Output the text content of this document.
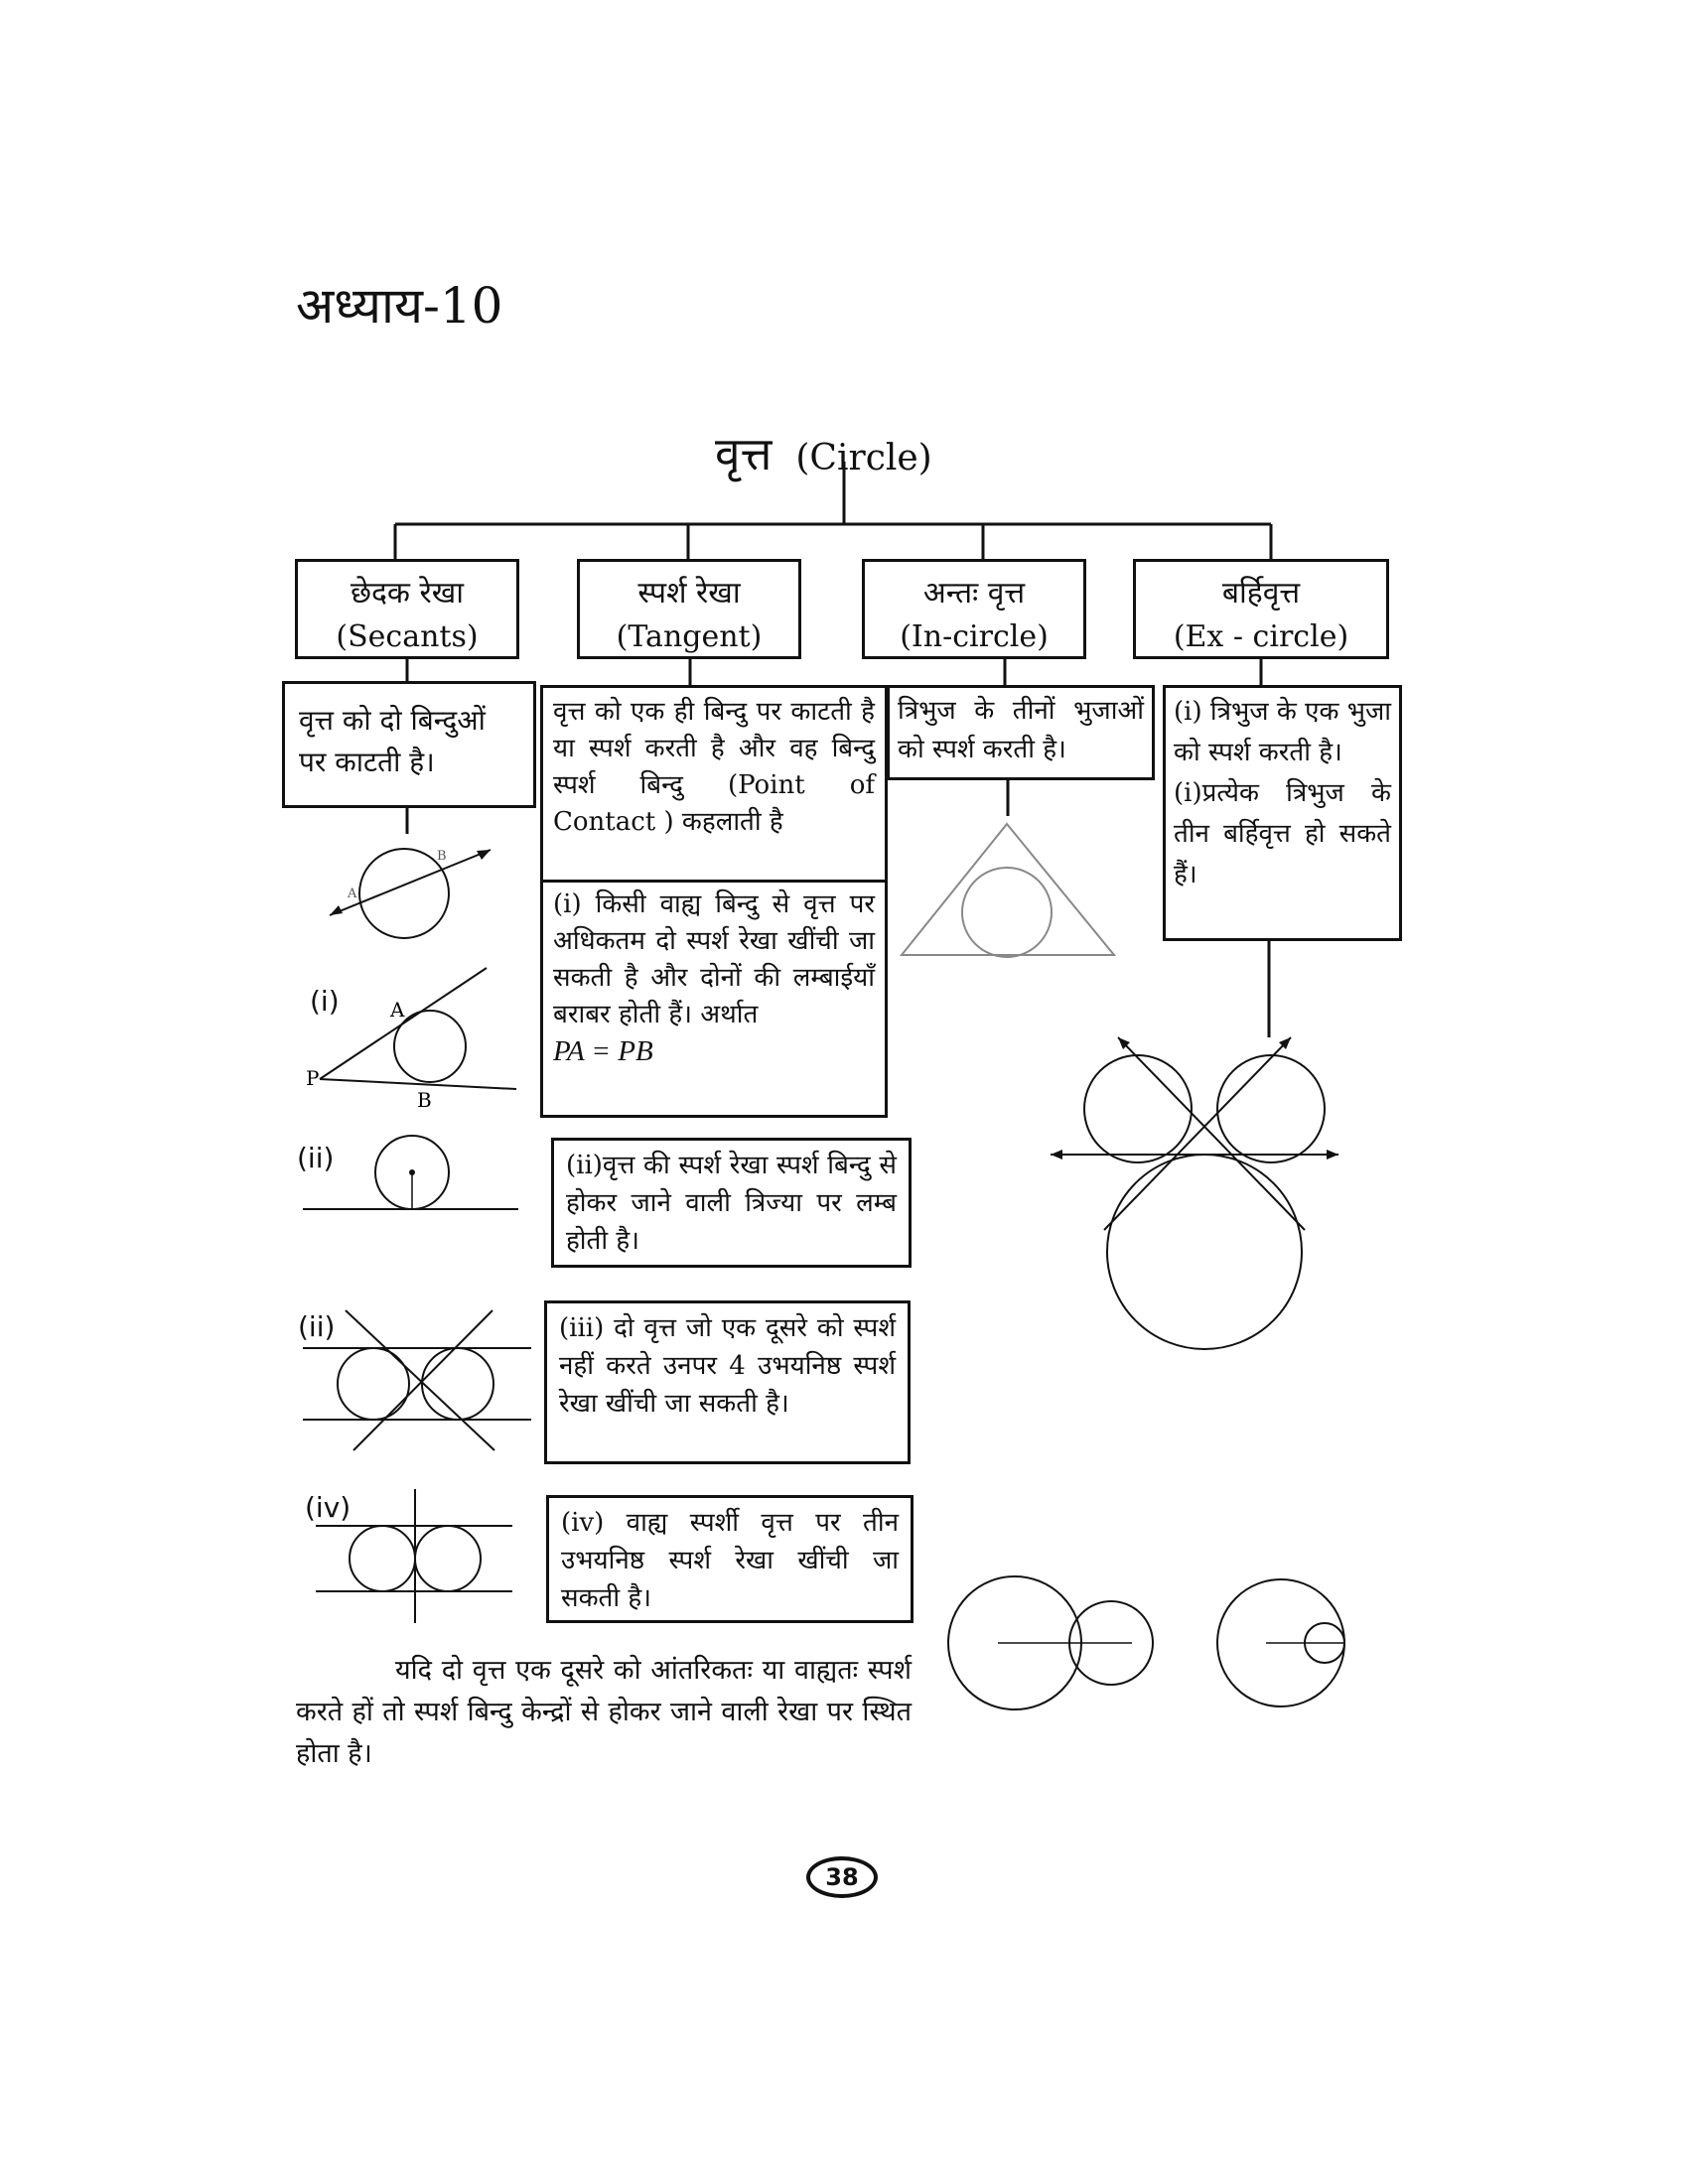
अध्याय-10
वृत्त (Circle)
छेदक रेखा
(Secants)
स्पर्श रेखा
(Tangent)
अन्तः वृत्त
(In-circle)
बर्हिवृत्त
(Ex - circle)
वृत्त को दो बिन्दुओं पर काटती है।
वृत्त को एक ही बिन्दु पर काटती है या स्पर्श करती है और वह बिन्दु स्पर्श बिन्दु (Point of Contact ) कहलाती है
(i) किसी वाह्य बिन्दु से वृत्त पर अधिकतम दो स्पर्श रेखा खींची जा सकती है और दोनों की लम्बाईयाँ बराबर होती हैं। अर्थात
PA = PB
त्रिभुज के तीनों भुजाओं को स्पर्श करती है।
(i) त्रिभुज के एक भुजा को स्पर्श करती है।
(i)प्रत्येक त्रिभुज के तीन बर्हिवृत्त हो सकते हैं।
(ii)वृत्त की स्पर्श रेखा स्पर्श बिन्दु से होकर जाने वाली त्रिज्या पर लम्ब होती है।
(iii) दो वृत्त जो एक दूसरे को स्पर्श नहीं करते उनपर 4 उभयनिष्ठ स्पर्श रेखा खींची जा सकती है।
(iv) वाह्य स्पर्शी वृत्त पर तीन उभयनिष्ठ स्पर्श रेखा खींची जा सकती है।
(i)
(ii)
(ii)
(iv)
A
B
A
P
B
यदि दो वृत्त एक दूसरे को आंतरिकतः या वाह्यतः स्पर्श करते हों तो स्पर्श बिन्दु केन्द्रों से होकर जाने वाली रेखा पर स्थित होता है।
38
